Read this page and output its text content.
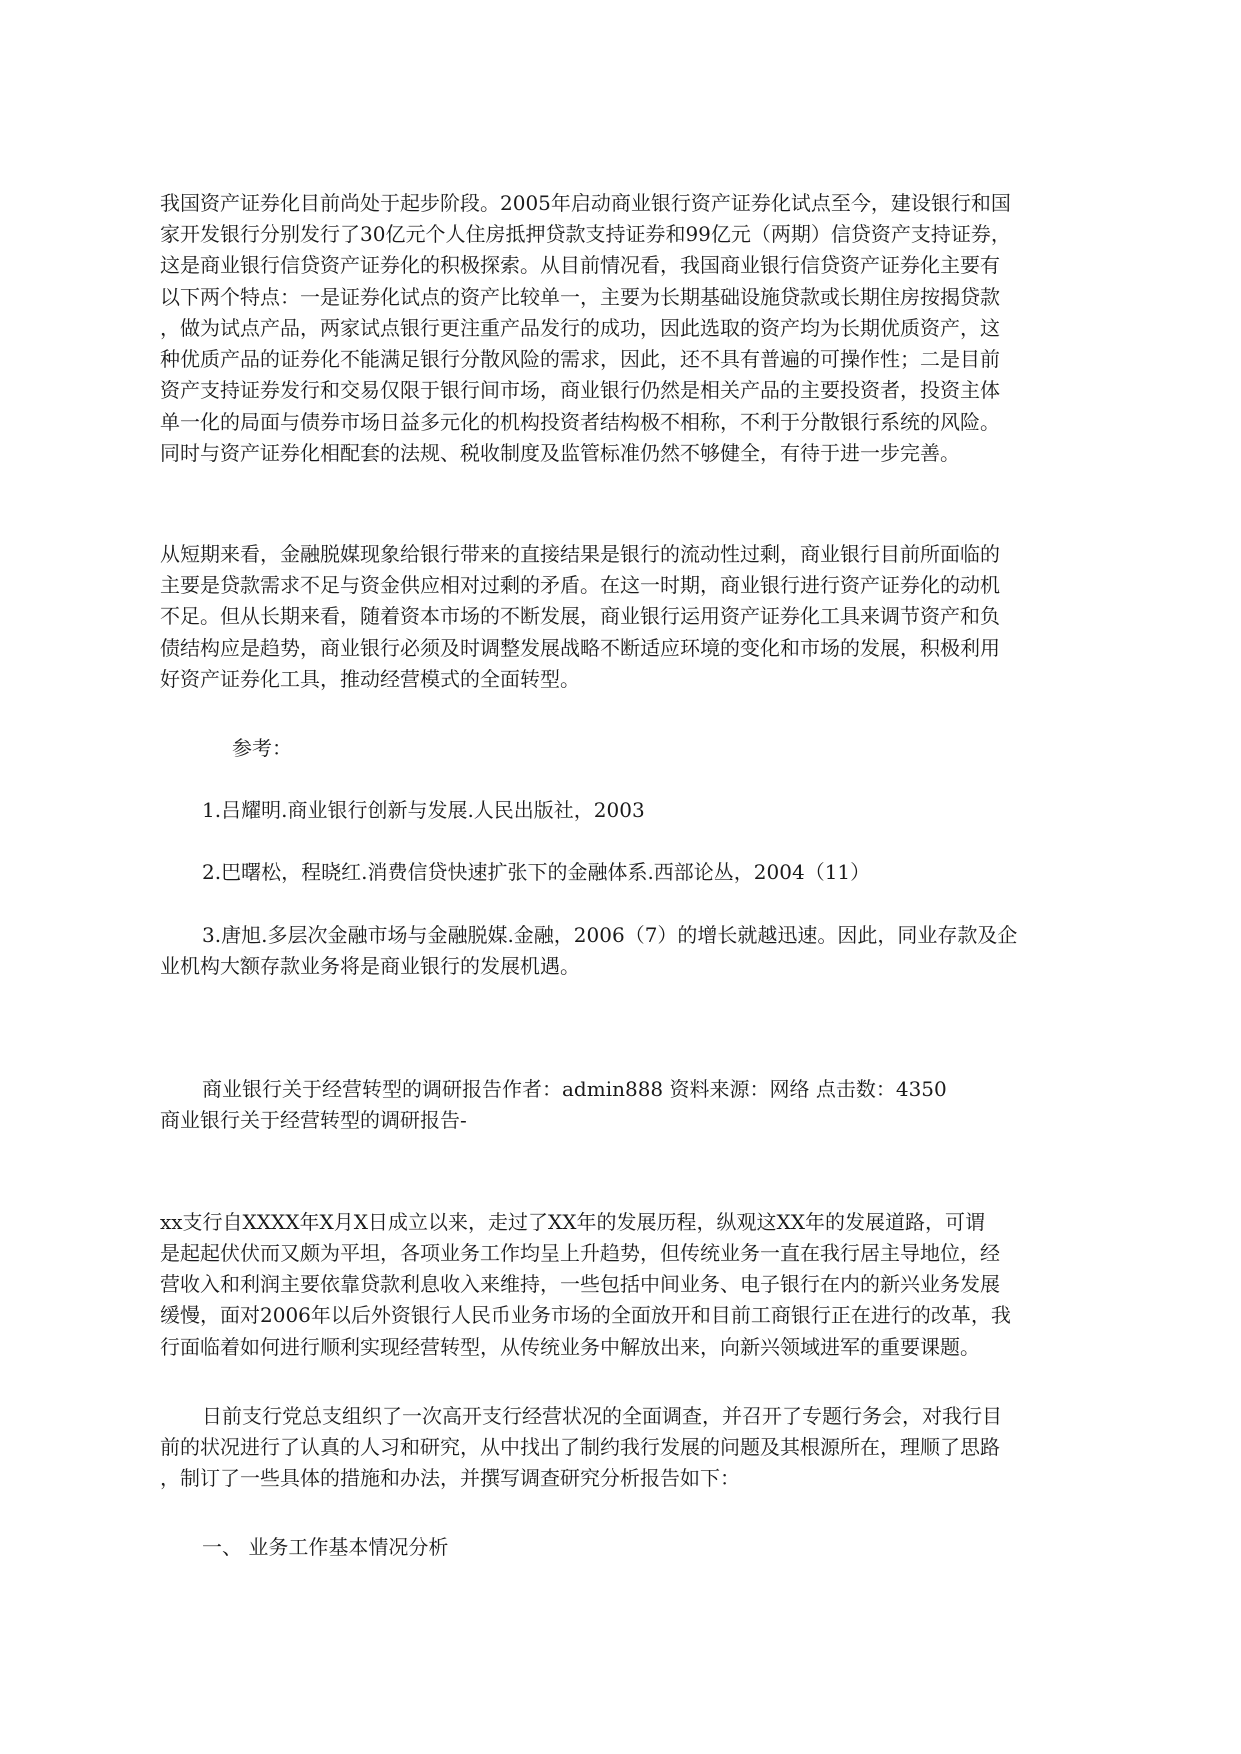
我国资产证券化目前尚处于起步阶段。2005年启动商业银行资产证券化试点至今，建设银行和国
家开发银行分别发行了30亿元个人住房抵押贷款支持证券和99亿元（两期）信贷资产支持证券，
这是商业银行信贷资产证券化的积极探索。从目前情况看，我国商业银行信贷资产证券化主要有
以下两个特点：一是证券化试点的资产比较单一，主要为长期基础设施贷款或长期住房按揭贷款
，做为试点产品，两家试点银行更注重产品发行的成功，因此选取的资产均为长期优质资产，这
种优质产品的证券化不能满足银行分散风险的需求，因此，还不具有普遍的可操作性；二是目前
资产支持证券发行和交易仅限于银行间市场，商业银行仍然是相关产品的主要投资者，投资主体
单一化的局面与债券市场日益多元化的机构投资者结构极不相称，不利于分散银行系统的风险。
同时与资产证券化相配套的法规、税收制度及监管标准仍然不够健全，有待于进一步完善。
从短期来看，金融脱媒现象给银行带来的直接结果是银行的流动性过剩，商业银行目前所面临的
主要是贷款需求不足与资金供应相对过剩的矛盾。在这一时期，商业银行进行资产证券化的动机
不足。但从长期来看，随着资本市场的不断发展，商业银行运用资产证券化工具来调节资产和负
债结构应是趋势，商业银行必须及时调整发展战略不断适应环境的变化和市场的发展，积极利用
好资产证券化工具，推动经营模式的全面转型。
参考：
1.吕耀明.商业银行创新与发展.人民出版社，2003
2.巴曙松，程晓红.消费信贷快速扩张下的金融体系.西部论丛，2004（11）
3.唐旭.多层次金融市场与金融脱媒.金融，2006（7）的增长就越迅速。因此，同业存款及企
业机构大额存款业务将是商业银行的发展机遇。
商业银行关于经营转型的调研报告作者：admin888 资料来源：网络 点击数：4350
商业银行关于经营转型的调研报告-
xx支行自XXXX年X月X日成立以来，走过了XX年的发展历程，纵观这XX年的发展道路，可谓
是起起伏伏而又颇为平坦，各项业务工作均呈上升趋势，但传统业务一直在我行居主导地位，经
营收入和利润主要依靠贷款利息收入来维持，一些包括中间业务、电子银行在内的新兴业务发展
缓慢，面对2006年以后外资银行人民币业务市场的全面放开和目前工商银行正在进行的改革，我
行面临着如何进行顺利实现经营转型，从传统业务中解放出来，向新兴领域进军的重要课题。
日前支行党总支组织了一次高开支行经营状况的全面调查，并召开了专题行务会，对我行目
前的状况进行了认真的人习和研究，从中找出了制约我行发展的问题及其根源所在，理顺了思路
，制订了一些具体的措施和办法，并撰写调查研究分析报告如下：
一、 业务工作基本情况分析
